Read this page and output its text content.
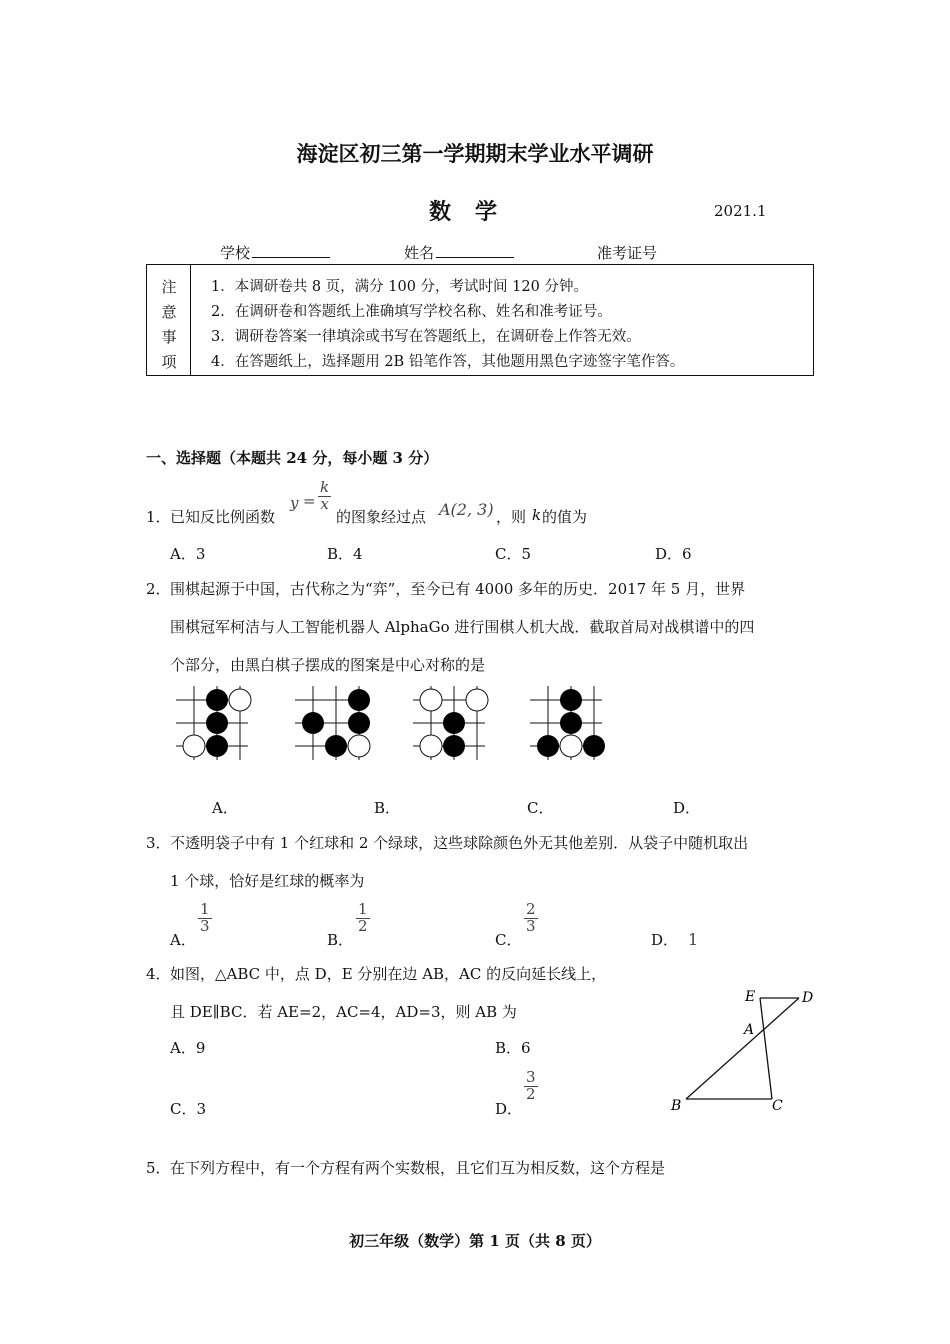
海淀区初三第一学期期末学业水平调研
数学	2021.1
学校	姓名	准考证号
注
意
事
项
1．本调研卷共 8 页，满分 100 分，考试时间 120 分钟。
2．在调研卷和答题纸上准确填写学校名称、姓名和准考证号。
3．调研卷答案一律填涂或书写在答题纸上，在调研卷上作答无效。
4．在答题纸上，选择题用 2B 铅笔作答，其他题用黑色字迹签字笔作答。
一、选择题（本题共 24 分，每小题 3 分）
1． 已知反比例函数
$y = \frac{k}{x}$
的图象经过点 A(2, 3) ，则 k 的值为
A．3	B．4	C．5	D．6
2． 围棋起源于中国，古代称之为“弈”，至今已有 4000 多年的历史．2017 年 5 月，世界
围棋冠军柯洁与人工智能机器人 AlphaGo 进行围棋人机大战．截取首局对战棋谱中的四
个部分，由黑白棋子摆成的图案是中心对称的是
A．	B．	C．	D．
3． 不透明袋子中有 1 个红球和 2 个绿球，这些球除颜色外无其他差别．从袋子中随机取出
1 个球，恰好是红球的概率为
A．
$\frac{1}{3}$
B．
$\frac{1}{2}$
C．
$\frac{2}{3}$
D． 1
4． 如图，△ABC 中，点 D，E 分别在边 AB，AC 的反向延长线上，
且 DE∥BC．若 AE=2，AC=4，AD=3，则 AB 为
A．9	B．6
C．3	D．
$\frac{3}{2}$
E	D
A
B	C
5． 在下列方程中，有一个方程有两个实数根，且它们互为相反数，这个方程是
初三年级（数学）第 1 页（共 8 页）
